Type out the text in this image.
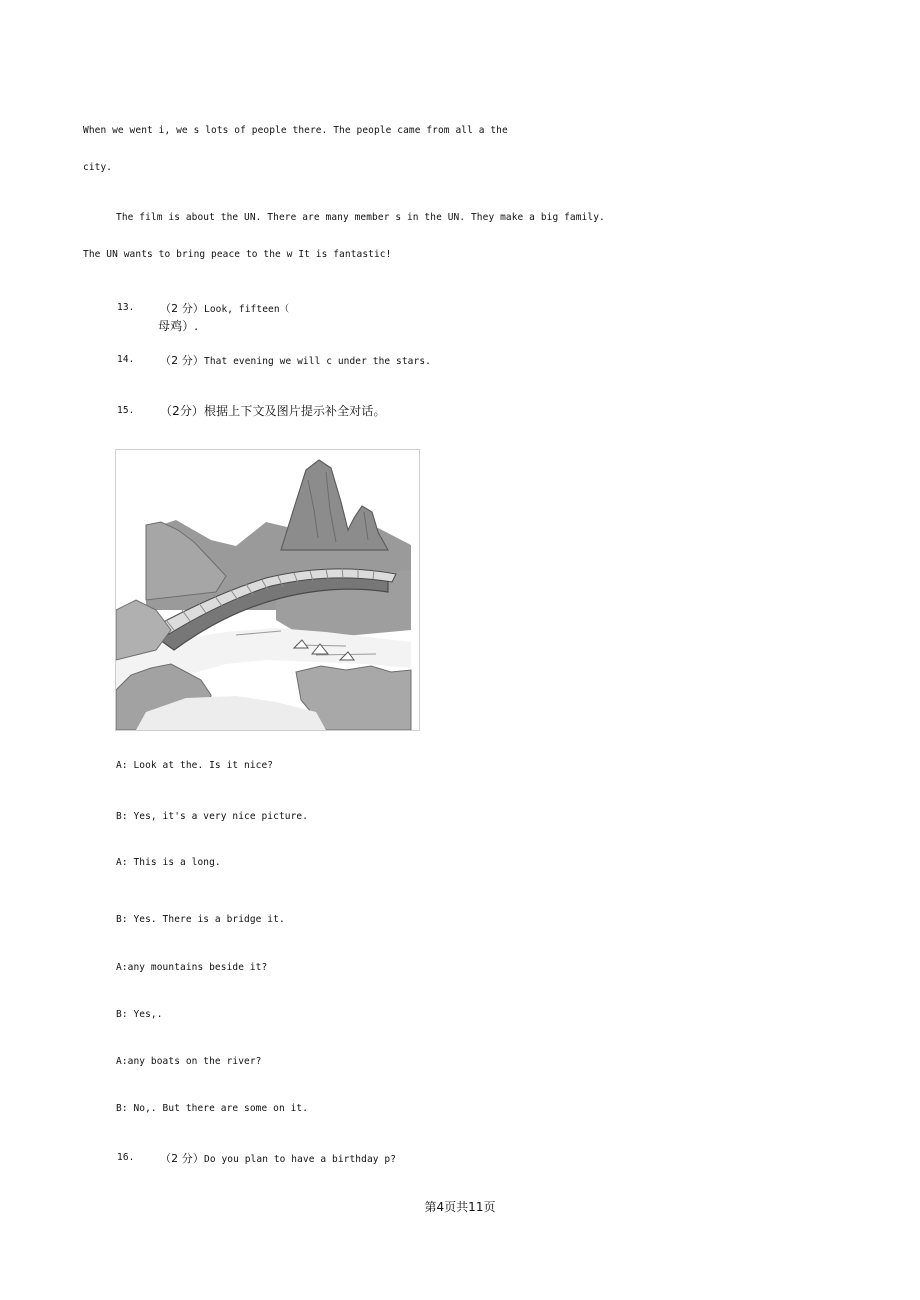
When we went i, we s lots of people there. The people came from all a the
city.
The film is about the UN. There are many member s in the UN. They make a big family.
The UN wants to bring peace to the w It is fantastic!
13. （2 分）Look, fifteen（
母鸡）.
14. （2 分）That evening we will c under the stars.
15. （2分）根据上下文及图片提示补全对话。
A: Look at the. Is it nice?
B: Yes, it's a very nice picture.
A: This is a long.
B: Yes. There is a bridge it.
A:any mountains beside it?
B: Yes,.
A:any boats on the river?
B: No,. But there are some on it.
16. （2 分）Do you plan to have a birthday p?
第4页共11页
